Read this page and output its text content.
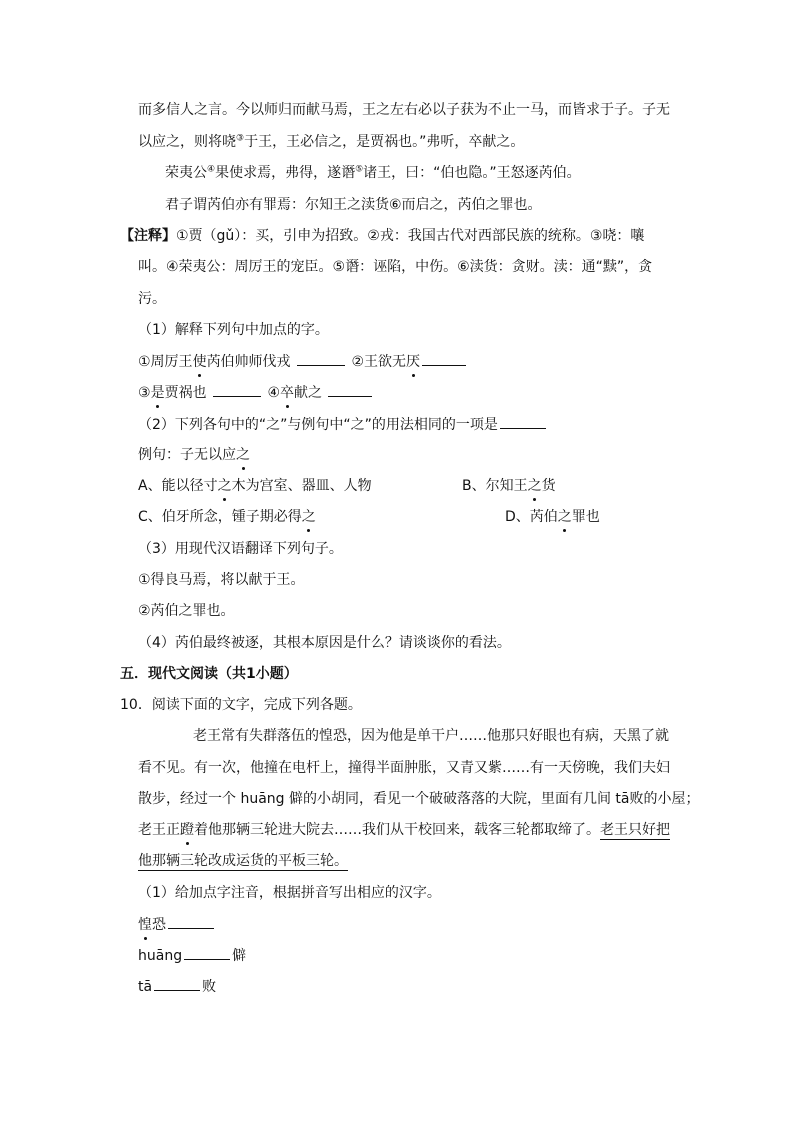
而多信人之言。今以师归而献马焉，王之左右必以子获为不止一马，而皆求于子。子无
以应之，则将哓③于王，王必信之，是贾祸也。”弗听，卒献之。
荣夷公④果使求焉，弗得，遂谮⑤诸王，曰：“伯也隐。”王怒逐芮伯。
君子谓芮伯亦有罪焉：尔知王之渎货⑥而启之，芮伯之罪也。
【注释】①贾（gǔ）：买，引申为招致。②戎：我国古代对西部民族的统称。③哓：嚷
叫。④荣夷公：周厉王的宠臣。⑤谮：诬陷，中伤。⑥渎货：贪财。渎：通“黩”，贪
污。
（1）解释下列句中加点的字。
①周厉王使芮伯帅师伐戎	②王欲无厌
③是贾祸也	④卒献之
（2）下列各句中的“之”与例句中“之”的用法相同的一项是
例句：子无以应之
A、能以径寸之木为宫室、器皿、人物	B、尔知王之货
C、伯牙所念，锺子期必得之	D、芮伯之罪也
（3）用现代汉语翻译下列句子。
①得良马焉，将以献于王。
②芮伯之罪也。
（4）芮伯最终被逐，其根本原因是什么？请谈谈你的看法。
五．现代文阅读（共1小题）
10．阅读下面的文字，完成下列各题。
老王常有失群落伍的惶恐，因为他是单干户……他那只好眼也有病，天黑了就
看不见。有一次，他撞在电杆上，撞得半面肿胀，又青又紫……有一天傍晚，我们夫妇
散步，经过一个 huāng 僻的小胡同，看见一个破破落落的大院，里面有几间 tā败的小屋；
老王正蹬着他那辆三轮进大院去……我们从干校回来，载客三轮都取缔了。老王只好把
他那辆三轮改成运货的平板三轮。
（1）给加点字注音，根据拼音写出相应的汉字。
惶恐
huāng	僻
tā	败
